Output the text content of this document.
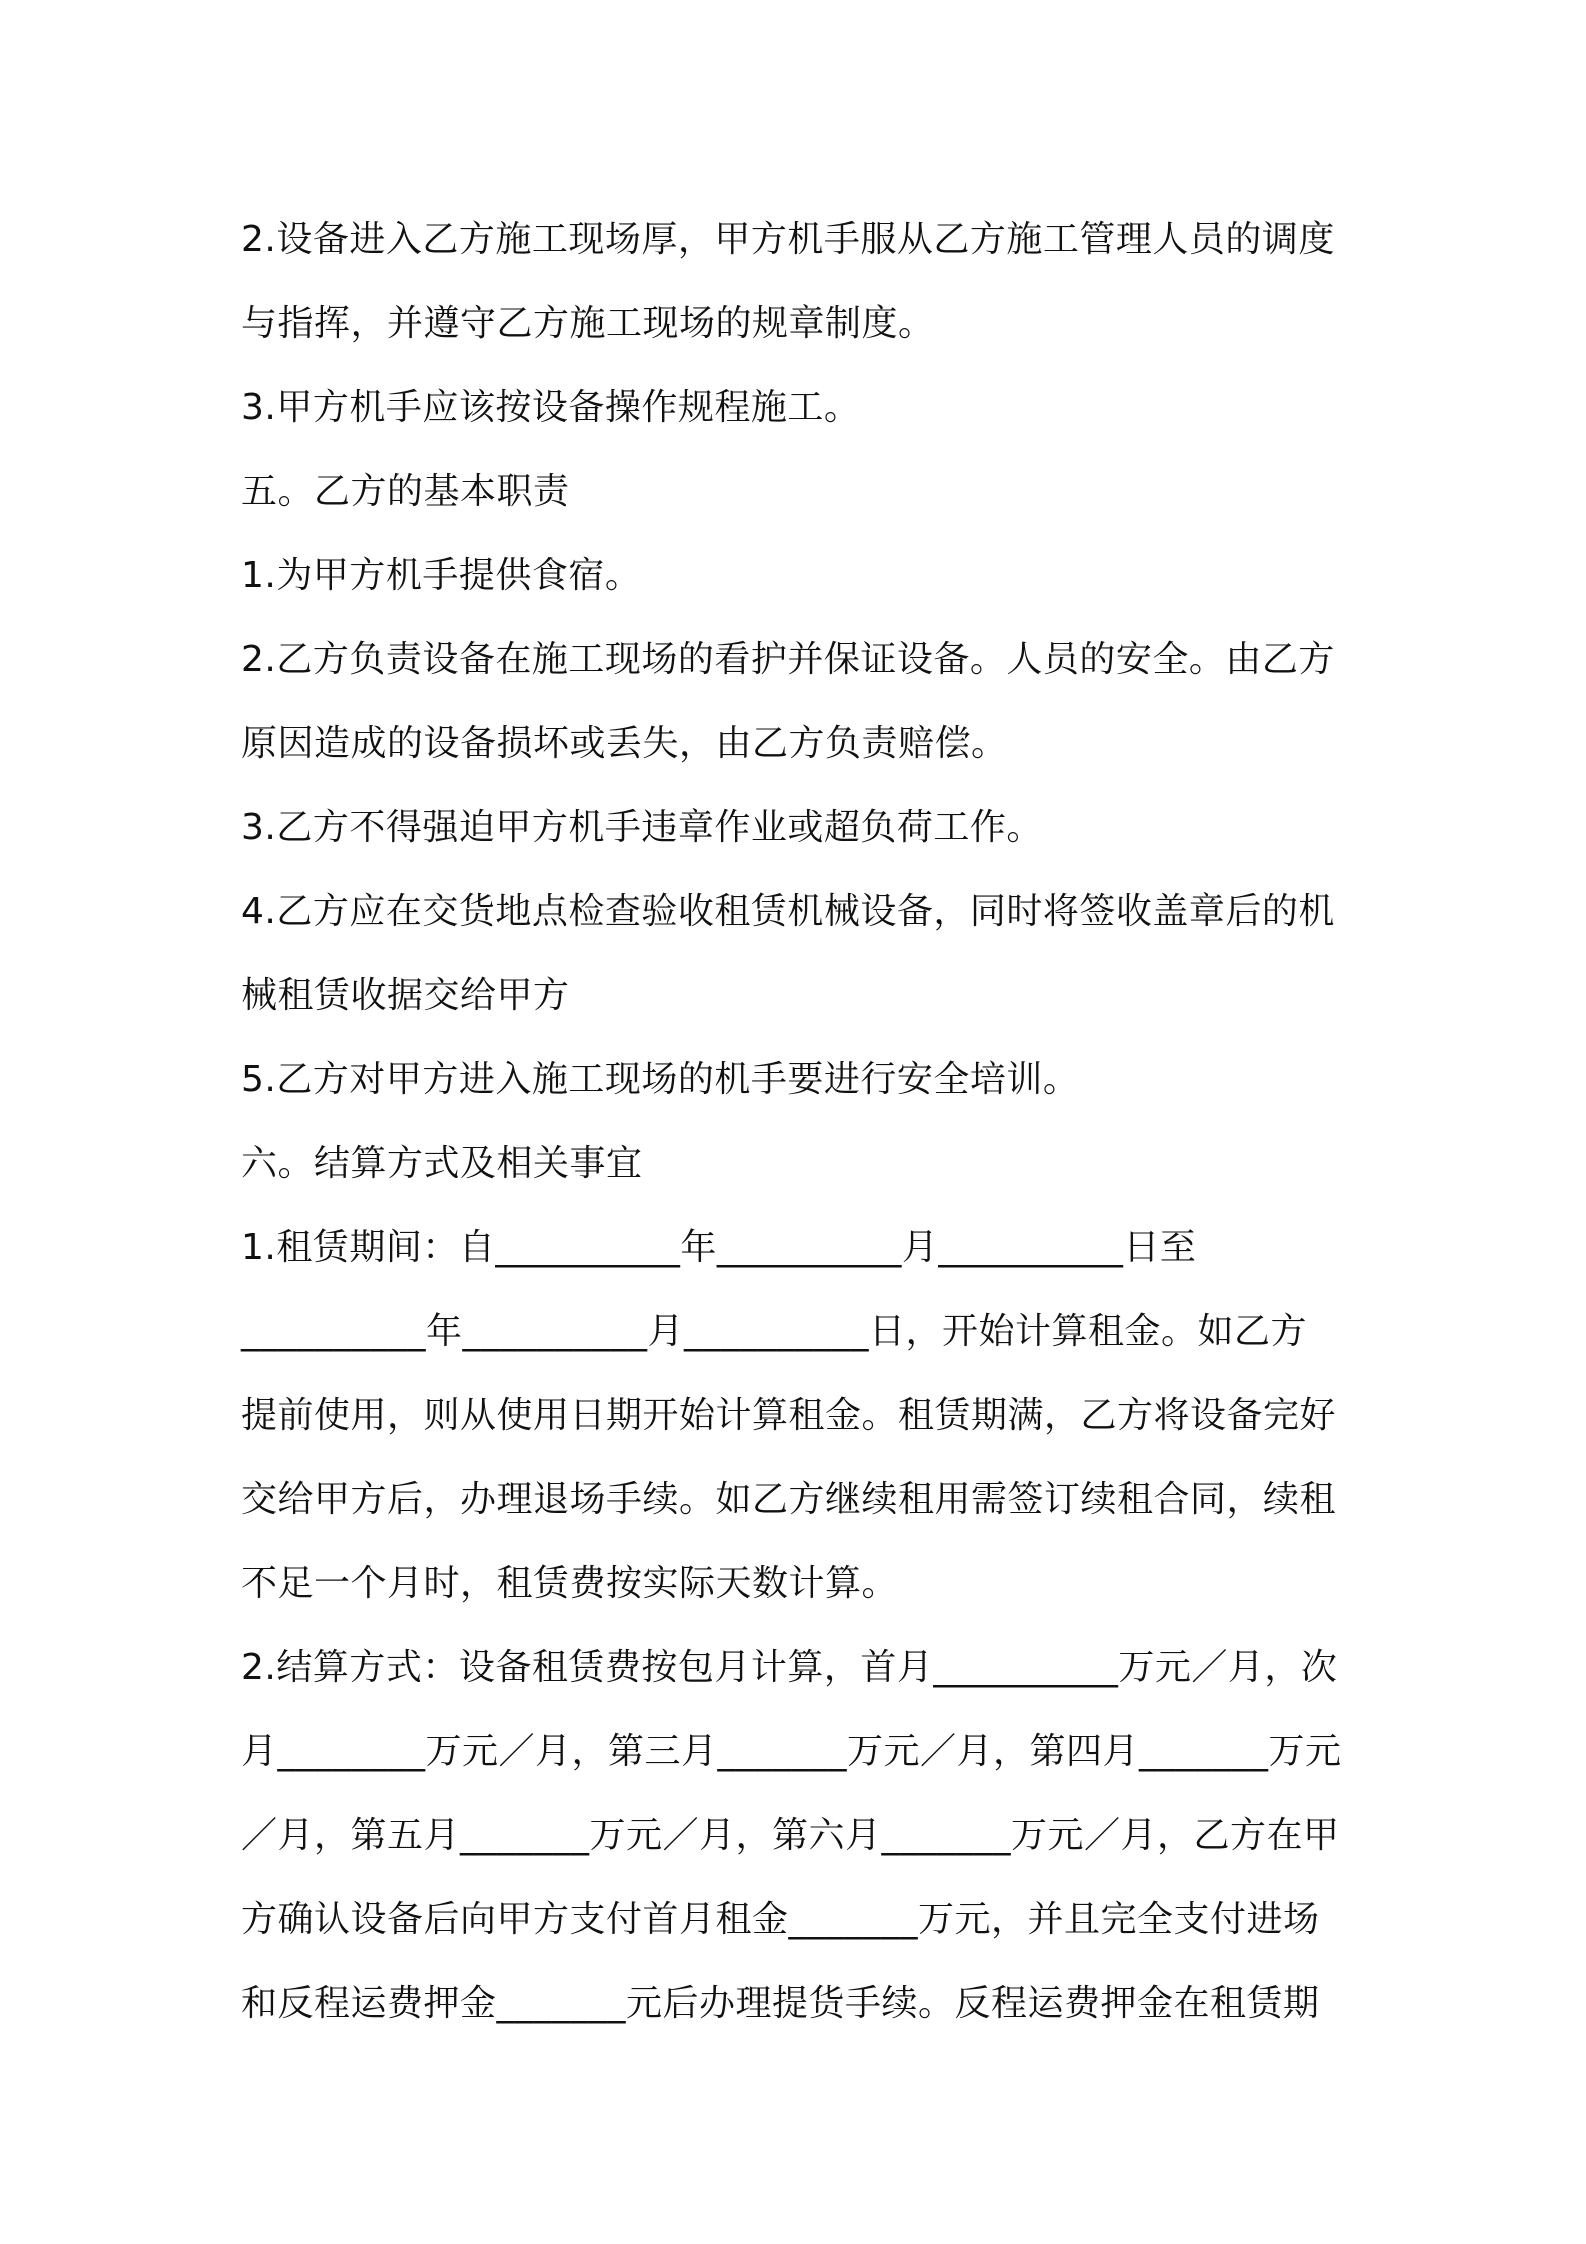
2.设备进入乙方施工现场厚，甲方机手服从乙方施工管理人员的调度
与指挥，并遵守乙方施工现场的规章制度。
3.甲方机手应该按设备操作规程施工。
五。乙方的基本职责
1.为甲方机手提供食宿。
2.乙方负责设备在施工现场的看护并保证设备。人员的安全。由乙方
原因造成的设备损坏或丢失，由乙方负责赔偿。
3.乙方不得强迫甲方机手违章作业或超负荷工作。
4.乙方应在交货地点检查验收租赁机械设备，同时将签收盖章后的机
械租赁收据交给甲方
5.乙方对甲方进入施工现场的机手要进行安全培训。
六。结算方式及相关事宜
1.租赁期间：自__________年__________月__________日至
__________年__________月__________日，开始计算租金。如乙方
提前使用，则从使用日期开始计算租金。租赁期满，乙方将设备完好
交给甲方后，办理退场手续。如乙方继续租用需签订续租合同，续租
不足一个月时，租赁费按实际天数计算。
2.结算方式：设备租赁费按包月计算，首月__________万元／月，次
月________万元／月，第三月_______万元／月，第四月_______万元
／月，第五月_______万元／月，第六月_______万元／月，乙方在甲
方确认设备后向甲方支付首月租金_______万元，并且完全支付进场
和反程运费押金_______元后办理提货手续。反程运费押金在租赁期
